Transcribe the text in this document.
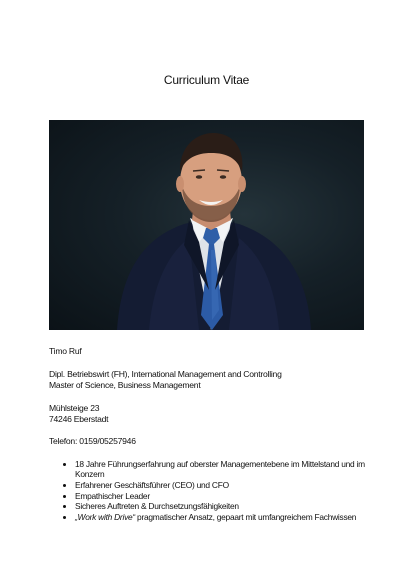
Curriculum Vitae
Timo Ruf
Dipl. Betriebswirt (FH), International Management and Controlling
Master of Science, Business Management
Mühlsteige 23
74246 Eberstadt
Telefon: 0159/05257946
• 18 Jahre Führungserfahrung auf oberster Managementebene im Mittelstand und im Konzern
• Erfahrener Geschäftsführer (CEO) und CFO
• Empathischer Leader
• Sicheres Auftreten & Durchsetzungsfähigkeiten
• „Work with Drive“ pragmatischer Ansatz, gepaart mit umfangreichem Fachwissen
